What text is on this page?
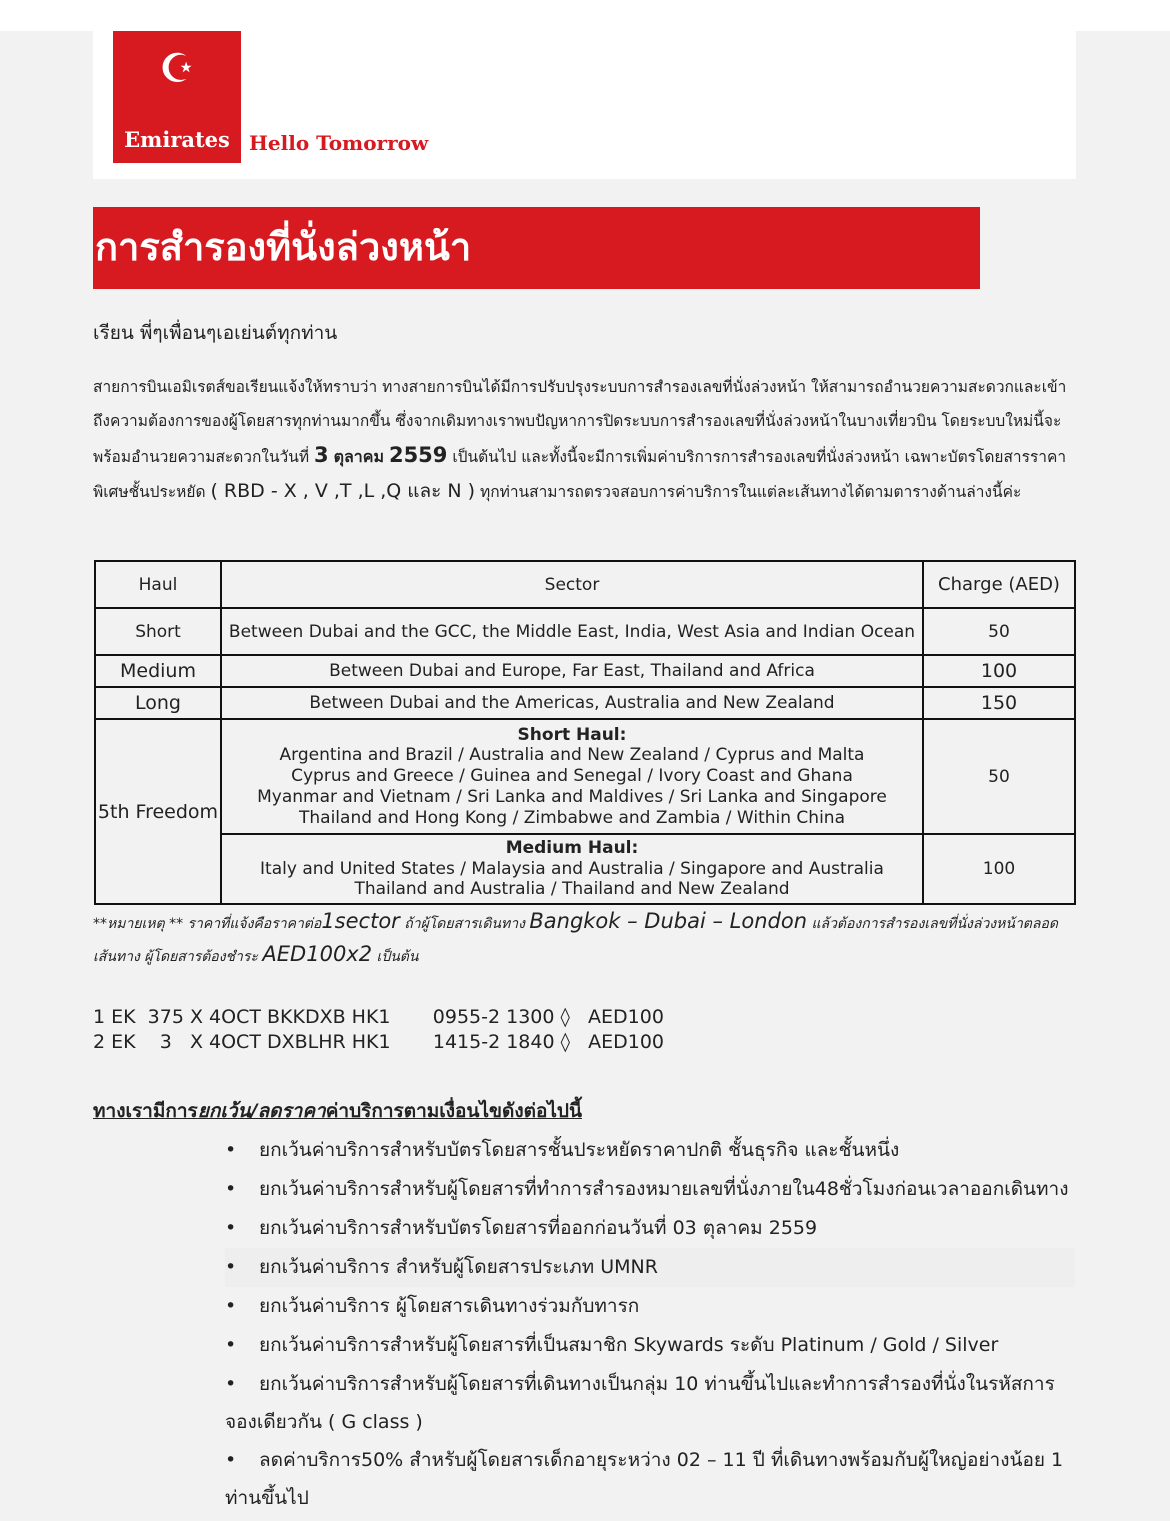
☪
Emirates Hello Tomorrow
การสำรองที่นั่งล่วงหน้า
เรียน พี่ๆเพื่อนๆเอเย่นต์ทุกท่าน
สายการบินเอมิเรตส์ขอเรียนแจ้งให้ทราบว่า ทางสายการบินได้มีการปรับปรุงระบบการสำรองเลขที่นั่งล่วงหน้า ให้สามารถอำนวยความสะดวกและเข้าถึงความต้องการของผู้โดยสารทุกท่านมากขึ้น ซึ่งจากเดิมทางเราพบปัญหาการปิดระบบการสำรองเลขที่นั่งล่วงหน้าในบางเที่ยวบิน โดยระบบใหม่นี้จะพร้อมอำนวยความสะดวกในวันที่ 3 ตุลาคม 2559 เป็นต้นไป และทั้งนี้จะมีการเพิ่มค่าบริการการสำรองเลขที่นั่งล่วงหน้า เฉพาะบัตรโดยสารราคาพิเศษชั้นประหยัด ( RBD - X , V ,T ,L ,Q และ N ) ทุกท่านสามารถตรวจสอบการค่าบริการในแต่ละเส้นทางได้ตามตารางด้านล่างนี้ค่ะ
Haul	Sector	Charge (AED)
Short	Between Dubai and the GCC, the Middle East, India, West Asia and Indian Ocean	50
Medium	Between Dubai and Europe, Far East, Thailand and Africa	100
Long	Between Dubai and the Americas, Australia and New Zealand	150
5th Freedom	Short Haul:
Argentina and Brazil / Australia and New Zealand / Cyprus and Malta
Cyprus and Greece / Guinea and Senegal / Ivory Coast and Ghana
Myanmar and Vietnam / Sri Lanka and Maldives / Sri Lanka and Singapore
Thailand and Hong Kong / Zimbabwe and Zambia / Within China	50

	Medium Haul:
Italy and United States / Malaysia and Australia / Singapore and Australia
Thailand and Australia / Thailand and New Zealand	100
**หมายเหตุ ** ราคาที่แจ้งคือราคาต่อ1sector ถ้าผู้โดยสารเดินทาง Bangkok – Dubai – London แล้วต้องการสำรองเลขที่นั่งล่วงหน้าตลอดเส้นทาง ผู้โดยสารต้องชำระ AED100x2 เป็นต้น
1 EK  375 X 4OCT BKKDXB HK1       0955-2 1300 ◊   AED100
2 EK    3   X 4OCT DXBLHR HK1       1415-2 1840 ◊   AED100
ทางเรามีการยกเว้น/ลดราคาค่าบริการตามเงื่อนไขดังต่อไปนี้
• ยกเว้นค่าบริการสำหรับบัตรโดยสารชั้นประหยัดราคาปกติ ชั้นธุรกิจ และชั้นหนึ่ง
• ยกเว้นค่าบริการสำหรับผู้โดยสารที่ทำการสำรองหมายเลขที่นั่งภายใน48ชั่วโมงก่อนเวลาออกเดินทาง
• ยกเว้นค่าบริการสำหรับบัตรโดยสารที่ออกก่อนวันที่ 03 ตุลาคม 2559
• ยกเว้นค่าบริการ สำหรับผู้โดยสารประเภท UMNR
• ยกเว้นค่าบริการ ผู้โดยสารเดินทางร่วมกับทารก
• ยกเว้นค่าบริการสำหรับผู้โดยสารที่เป็นสมาชิก Skywards ระดับ Platinum / Gold / Silver
• ยกเว้นค่าบริการสำหรับผู้โดยสารที่เดินทางเป็นกลุ่ม 10 ท่านขึ้นไปและทำการสำรองที่นั่งในรหัสการจองเดียวกัน ( G class )
• ลดค่าบริการ50% สำหรับผู้โดยสารเด็กอายุระหว่าง 02 – 11 ปี ที่เดินทางพร้อมกับผู้ใหญ่อย่างน้อย 1 ท่านขึ้นไป
